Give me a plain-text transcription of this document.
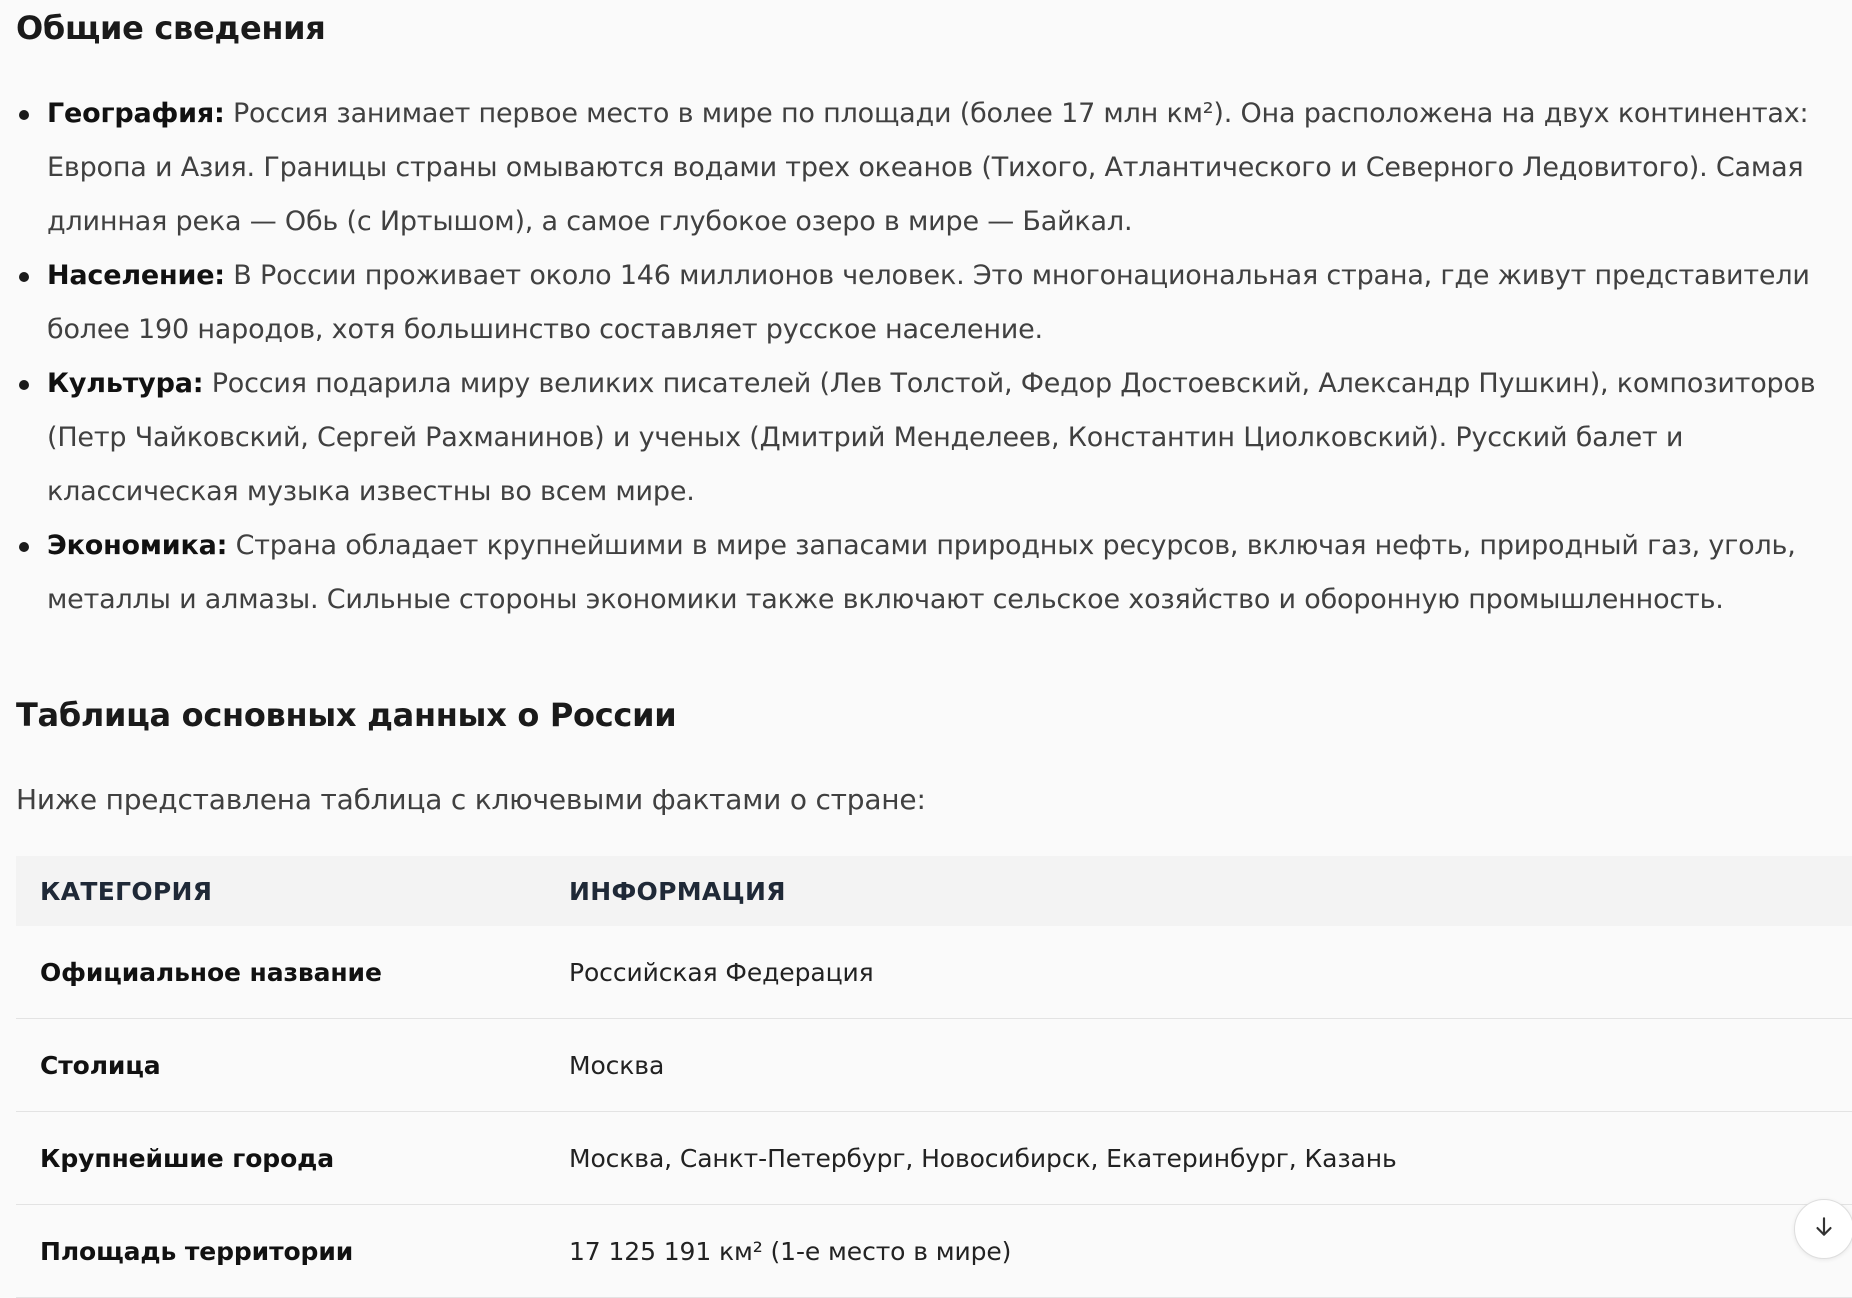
Общие сведения
География: Россия занимает первое место в мире по площади (более 17 млн км²). Она расположена на двух континентах: Европа и Азия. Границы страны омываются водами трех океанов (Тихого, Атлантического и Северного Ледовитого). Самая длинная река — Обь (с Иртышом), а самое глубокое озеро в мире — Байкал.
Население: В России проживает около 146 миллионов человек. Это многонациональная страна, где живут представители более 190 народов, хотя большинство составляет русское население.
Культура: Россия подарила миру великих писателей (Лев Толстой, Федор Достоевский, Александр Пушкин), композиторов (Петр Чайковский, Сергей Рахманинов) и ученых (Дмитрий Менделеев, Константин Циолковский). Русский балет и классическая музыка известны во всем мире.
Экономика: Страна обладает крупнейшими в мире запасами природных ресурсов, включая нефть, природный газ, уголь, металлы и алмазы. Сильные стороны экономики также включают сельское хозяйство и оборонную промышленность.
Таблица основных данных о России
Ниже представлена таблица с ключевыми фактами о стране:
КАТЕГОРИЯ	ИНФОРМАЦИЯ
Официальное название	Российская Федерация
Столица	Москва
Крупнейшие города	Москва, Санкт-Петербург, Новосибирск, Екатеринбург, Казань
Площадь территории	17 125 191 км² (1-е место в мире)
